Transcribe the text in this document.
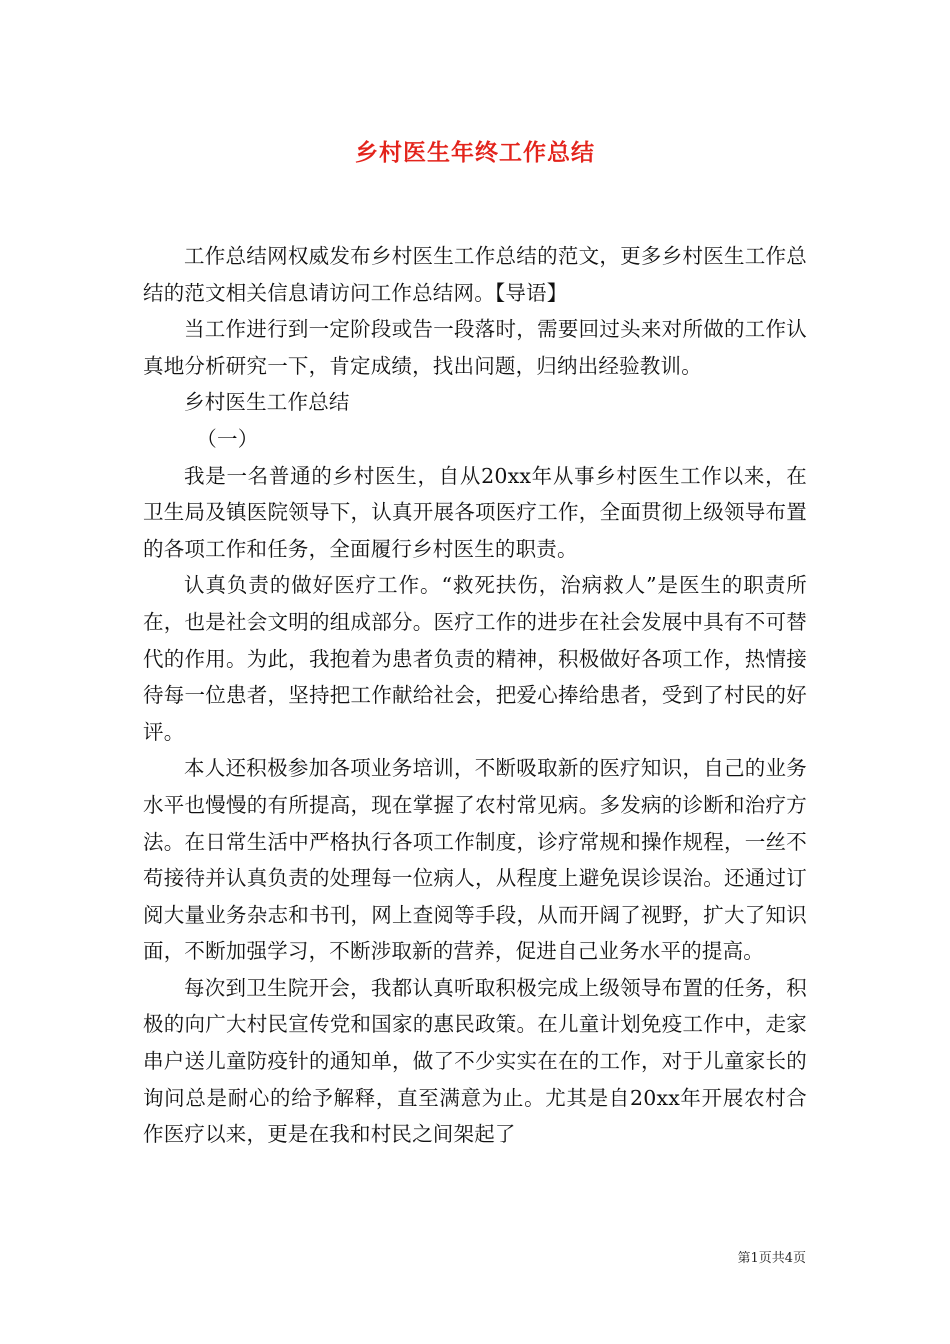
乡村医生年终工作总结

工作总结网权威发布乡村医生工作总结的范文，更多乡村医生工作总结的范文相关信息请访问工作总结网。【导语】

当工作进行到一定阶段或告一段落时，需要回过头来对所做的工作认真地分析研究一下，肯定成绩，找出问题，归纳出经验教训。

乡村医生工作总结

（一）

我是一名普通的乡村医生，自从20xx年从事乡村医生工作以来，在卫生局及镇医院领导下，认真开展各项医疗工作，全面贯彻上级领导布置的各项工作和任务，全面履行乡村医生的职责。

认真负责的做好医疗工作。“救死扶伤，治病救人”是医生的职责所在，也是社会文明的组成部分。医疗工作的进步在社会发展中具有不可替代的作用。为此，我抱着为患者负责的精神，积极做好各项工作，热情接待每一位患者，坚持把工作献给社会，把爱心捧给患者，受到了村民的好评。

本人还积极参加各项业务培训，不断吸取新的医疗知识，自己的业务水平也慢慢的有所提高，现在掌握了农村常见病。多发病的诊断和治疗方法。在日常生活中严格执行各项工作制度，诊疗常规和操作规程，一丝不苟接待并认真负责的处理每一位病人，从程度上避免误诊误治。还通过订阅大量业务杂志和书刊，网上查阅等手段，从而开阔了视野，扩大了知识面，不断加强学习，不断涉取新的营养，促进自己业务水平的提高。

每次到卫生院开会，我都认真听取积极完成上级领导布置的任务，积极的向广大村民宣传党和国家的惠民政策。在儿童计划免疫工作中，走家串户送儿童防疫针的通知单，做了不少实实在在的工作，对于儿童家长的询问总是耐心的给予解释，直至满意为止。尤其是自20xx年开展农村合作医疗以来，更是在我和村民之间架起了

第1页共4页
